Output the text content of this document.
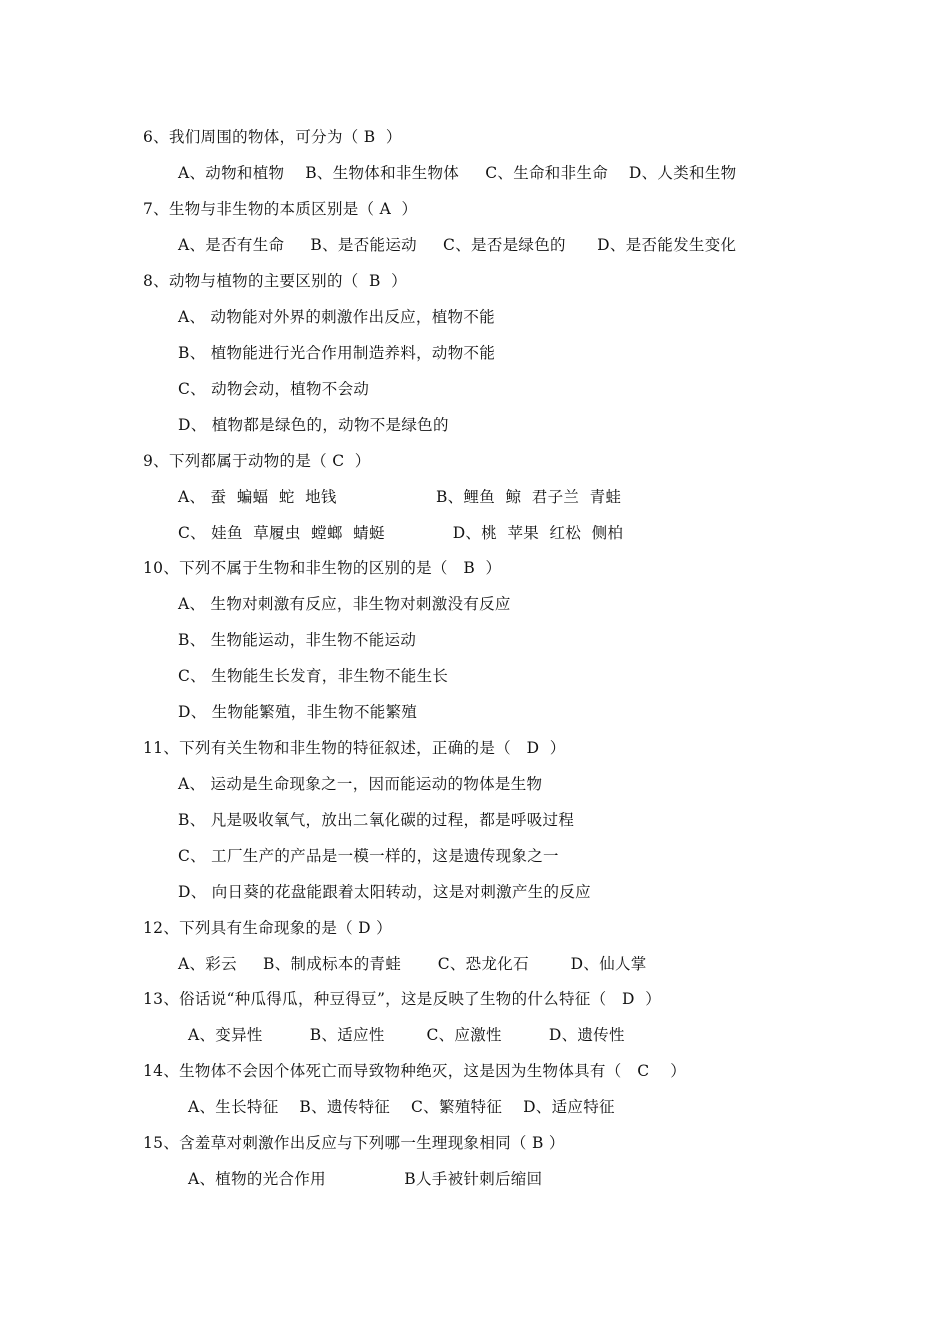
6、我们周围的物体，可分为（ B  ）
A、动物和植物    B、生物体和非生物体     C、生命和非生命    D、人类和生物
7、生物与非生物的本质区别是（ A  ）
A、是否有生命     B、是否能运动     C、是否是绿色的      D、是否能发生变化
8、动物与植物的主要区别的（  B  ）
A、 动物能对外界的刺激作出反应，植物不能
B、 植物能进行光合作用制造养料，动物不能
C、 动物会动，植物不会动
D、 植物都是绿色的，动物不是绿色的
9、下列都属于动物的是（ C  ）
A、 蚕  蝙蝠  蛇  地钱                   B、鲤鱼  鲸  君子兰  青蛙
C、 娃鱼  草履虫  螳螂  蜻蜓             D、桃  苹果  红松  侧柏
10、下列不属于生物和非生物的区别的是（   B  ）
A、 生物对刺激有反应，非生物对刺激没有反应
B、 生物能运动，非生物不能运动
C、 生物能生长发育，非生物不能生长
D、 生物能繁殖，非生物不能繁殖
11、下列有关生物和非生物的特征叙述，正确的是（   D  ）
A、 运动是生命现象之一，因而能运动的物体是生物
B、 凡是吸收氧气，放出二氧化碳的过程，都是呼吸过程
C、 工厂生产的产品是一模一样的，这是遗传现象之一
D、 向日葵的花盘能跟着太阳转动，这是对刺激产生的反应
12、下列具有生命现象的是（ D ）
A、彩云     B、制成标本的青蛙       C、恐龙化石        D、仙人掌
13、俗话说“种瓜得瓜，种豆得豆”，这是反映了生物的什么特征（   D  ）
A、变异性         B、适应性        C、应激性         D、遗传性
14、生物体不会因个体死亡而导致物种绝灭，这是因为生物体具有（   C    ）
A、生长特征    B、遗传特征    C、繁殖特征    D、适应特征
15、含羞草对刺激作出反应与下列哪一生理现象相同（ B ）
A、植物的光合作用               B人手被针刺后缩回
